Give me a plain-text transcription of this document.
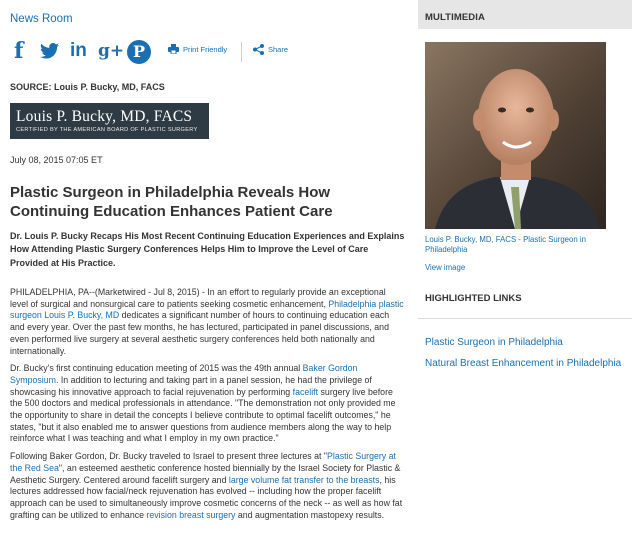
News Room
f in g+ P	Print Friendly	Share
SOURCE: Louis P. Bucky, MD, FACS
Louis P. Bucky, MD, FACS
CERTIFIED BY THE AMERICAN BOARD OF PLASTIC SURGERY
July 08, 2015 07:05 ET
Plastic Surgeon in Philadelphia Reveals How Continuing Education Enhances Patient Care
Dr. Louis P. Bucky Recaps His Most Recent Continuing Education Experiences and Explains How Attending Plastic Surgery Conferences Helps Him to Improve the Level of Care Provided at His Practice.

PHILADELPHIA, PA--(Marketwired - Jul 8, 2015) - In an effort to regularly provide an exceptional level of surgical and nonsurgical care to patients seeking cosmetic enhancement, Philadelphia plastic surgeon Louis P. Bucky, MD dedicates a significant number of hours to continuing education each and every year. Over the past few months, he has lectured, participated in panel discussions, and even performed live surgery at several aesthetic surgery conferences held both nationally and internationally.

Dr. Bucky's first continuing education meeting of 2015 was the 49th annual Baker Gordon Symposium. In addition to lecturing and taking part in a panel session, he had the privilege of showcasing his innovative approach to facial rejuvenation by performing facelift surgery live before the 500 doctors and medical professionals in attendance. "The demonstration not only provided me the opportunity to share in detail the concepts I believe contribute to optimal facelift outcomes," he states, "but it also enabled me to answer questions from audience members along the way to help reinforce what I was teaching and what I employ in my own practice."

Following Baker Gordon, Dr. Bucky traveled to Israel to present three lectures at "Plastic Surgery at the Red Sea", an esteemed aesthetic conference hosted biennially by the Israel Society for Plastic & Aesthetic Surgery. Centered around facelift surgery and large volume fat transfer to the breasts, his lectures addressed how facial/neck rejuvenation has evolved -- including how the proper facelift approach can be used to simultaneously improve cosmetic concerns of the neck -- as well as how fat grafting can be utilized to enhance revision breast surgery and augmentation mastopexy results.

MULTIMEDIA
Louis P. Bucky, MD, FACS - Plastic Surgeon in Philadelphia
View image
HIGHLIGHTED LINKS
Plastic Surgeon in Philadelphia
Natural Breast Enhancement in Philadelphia
